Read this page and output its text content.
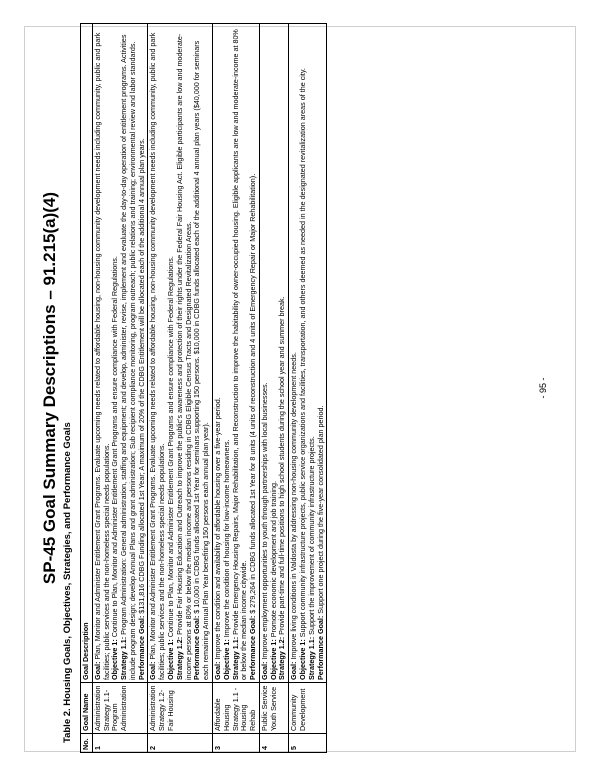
SP-45 Goal Summary Descriptions – 91.215(a)(4) Table 2. Housing Goals, Objectives, Strategies, and Performance Goals
No.	Goal Name	Goal Description
1	Administration Strategy 1.1- Program Administration	Goal: Plan, Monitor and Administer Entitlement Grant Programs. Evaluate upcoming needs related to affordable housing, non-housing community development needs including community, public and park facilities; public services and the non-homeless special needs populations. Objective 1: Continue to Plan, Monitor and Administer Entitlement Grant Programs and ensure compliance with Federal Regulations.
Strategy 1.1: Program Administration: General administration, staffing and equipment; and develop, administer, revise, implement and evaluate the day-to-day operation of entitlement programs. Activities include program design; develop Annual Plans and grant administration; Sub recipient compliance monitoring, program outreach; public relations and training; environmental review and labor standards. Performance Goal: $131,816 CDBG Funding allocated 1st Year; A maximum of 20% of the CDBG Entitlement will be allocated each of the additional 4 annual plan years.

2	Administration Strategy 1.2- Fair Housing	Goal: Plan, Monitor and Administer Entitlement Grant Programs. Evaluate upcoming needs related to affordable housing, non-housing community development needs including community, public and park facilities; public services and the non-homeless special needs populations. Objective 1: Continue to Plan, Monitor and Administer Entitlement Grant Programs and ensure compliance with Federal Regulations.
Strategy 1.2: Provide Fair Housing Education and Outreach to improve the public's awareness and protection of their rights under the Federal Fair Housing Act. Eligible participants are low and moderate-income persons at 80% or below the median income and persons residing in CDBG Eligible Census Tracts and Designated Revitalization Areas. Performance Goal: $ 10,000 in CDBG funds allocated 1st Year for seminars supporting 150 persons. $10,000 in CDBG funds allocated each of the additional 4 annual plan years ($40,000 for seminars each remaining Annual Plan Year benefiting 150 persons each annual plan year).

3	Affordable Housing Strategy 1.1 - Housing Rehab	Goal: Improve the condition and availability of affordable housing over a five-year period. Objective 1: Improve the condition of housing for low-income homeowners.
Strategy 1.1: Provide Emergency Housing Repairs, Major Rehabilitation, and Reconstruction to improve the habitability of owner-occupied housing. Eligible applicants are low and moderate-income at 80% or below the median income citywide. Performance Goal: $ 279,264 in CDBG funds allocated 1st Year for 8 units (4 units of reconstruction and 4 units of Emergency Repair or Major Rehabilitation).

4	Public Service Youth Service	Goal: Improve employment opportunities to youth through partnerships with local businesses. Objective 1: Promote economic development and job training.
Strategy 1.2: Provide part-time and full-time positions to high school students during the school year and summer break.

5	Community Development	Goal: Improve living conditions in Valdosta by addressing non-housing community development needs. Objective 1: Support community infrastructure projects, public service organizations and facilities, transportation, and others deemed as needed in the designated revitalization areas of the city.
Strategy 1.1: Support the improvement of community infrastructure projects.
Performance Goal: Support one project during the five-year consolidated plan period.
- 95 -
